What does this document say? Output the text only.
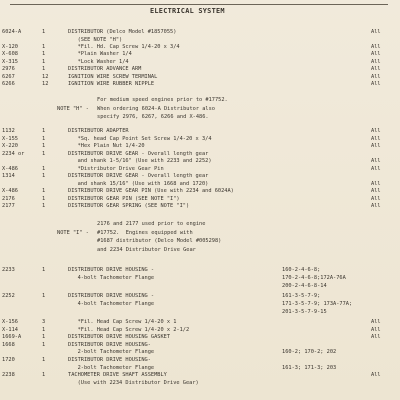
ELECTRICAL SYSTEM
6024-A	1	DISTRIBUTOR (Delco Model #1857055)	All
(SEE NOTE "H")
X-120	1	*Fil. Hd. Cap Screw 1/4-20 x 3/4	All
X-608	1	*Plain Washer 1/4	All
X-315	1	*Lock Washer 1/4	All
2976	1	DISTRIBUTOR ADVANCE ARM	All
6267	12	IGNITION WIRE SCREW TERMINAL	All
6266	12	IGNITION WIRE RUBBER NIPPLE	All
1132	1	DISTRIBUTOR ADAPTER	All
X-155	1	*Sq. head Cap Point Set Screw 1/4-20 x 3/4	All
X-220	1	*Hex Plain Nut 1/4-20	All
2234 or	1	DISTRIBUTOR DRIVE GEAR - Overall length gear
and shank 1-5/16" (Use with 2233 and 2252)	All
X-486	1	*Distributor Drive Gear Pin	All
1314	1	DISTRIBUTOR DRIVE GEAR - Overall length gear
and shank 15/16" (Use with 1668 and 1720)	All
X-486	1	DISTRIBUTOR DRIVE GEAR PIN (Use with 2234 and 6024A)	All
2176	1	DISTRIBUTOR GEAR PIN (SEE NOTE "I")	All
2177	1	DISTRIBUTOR GEAR SPRING (SEE NOTE "I")	All
2233	1	DISTRIBUTOR DRIVE HOUSING -	160-2-4-6-8;
4-bolt Tachometer Flange	170-2-4-6-8;172A-76A
200-2-4-6-8-14
2252	1	DISTRIBUTOR DRIVE HOUSING -	161-3-5-7-9;
4-bolt Tachometer Flange	171-3-5-7-9; 173A-77A;
201-3-5-7-9-15
X-156	3	*Fil. Head Cap Screw 1/4-20 x 1	All
X-114	1	*Fil. Head Cap Screw 1/4-20 x 2-1/2	All
1669-A	1	DISTRIBUTOR DRIVE HOUSING GASKET	All
1668	1	DISTRIBUTOR DRIVE HOUSING-
2-bolt Tachometer Flange	160-2; 170-2; 202
1720	1	DISTRIBUTOR DRIVE HOUSING-
2-bolt Tachometer Flange	161-3; 171-3; 203
2238	1	TACHOMETER DRIVE SHAFT ASSEMBLY	All
(Use with 2234 Distributor Drive Gear)

NOTE "H" -

For medium speed engines prior to #17752.
When ordering 6024-A Distributor also
specify 2976, 6267, 6266 and X-486.

NOTE "I" -

2176 and 2177 used prior to engine
#17752.  Engines equipped with
#1687 distributor (Delco Model #005298)
and 2234 Distributor Drive Gear
